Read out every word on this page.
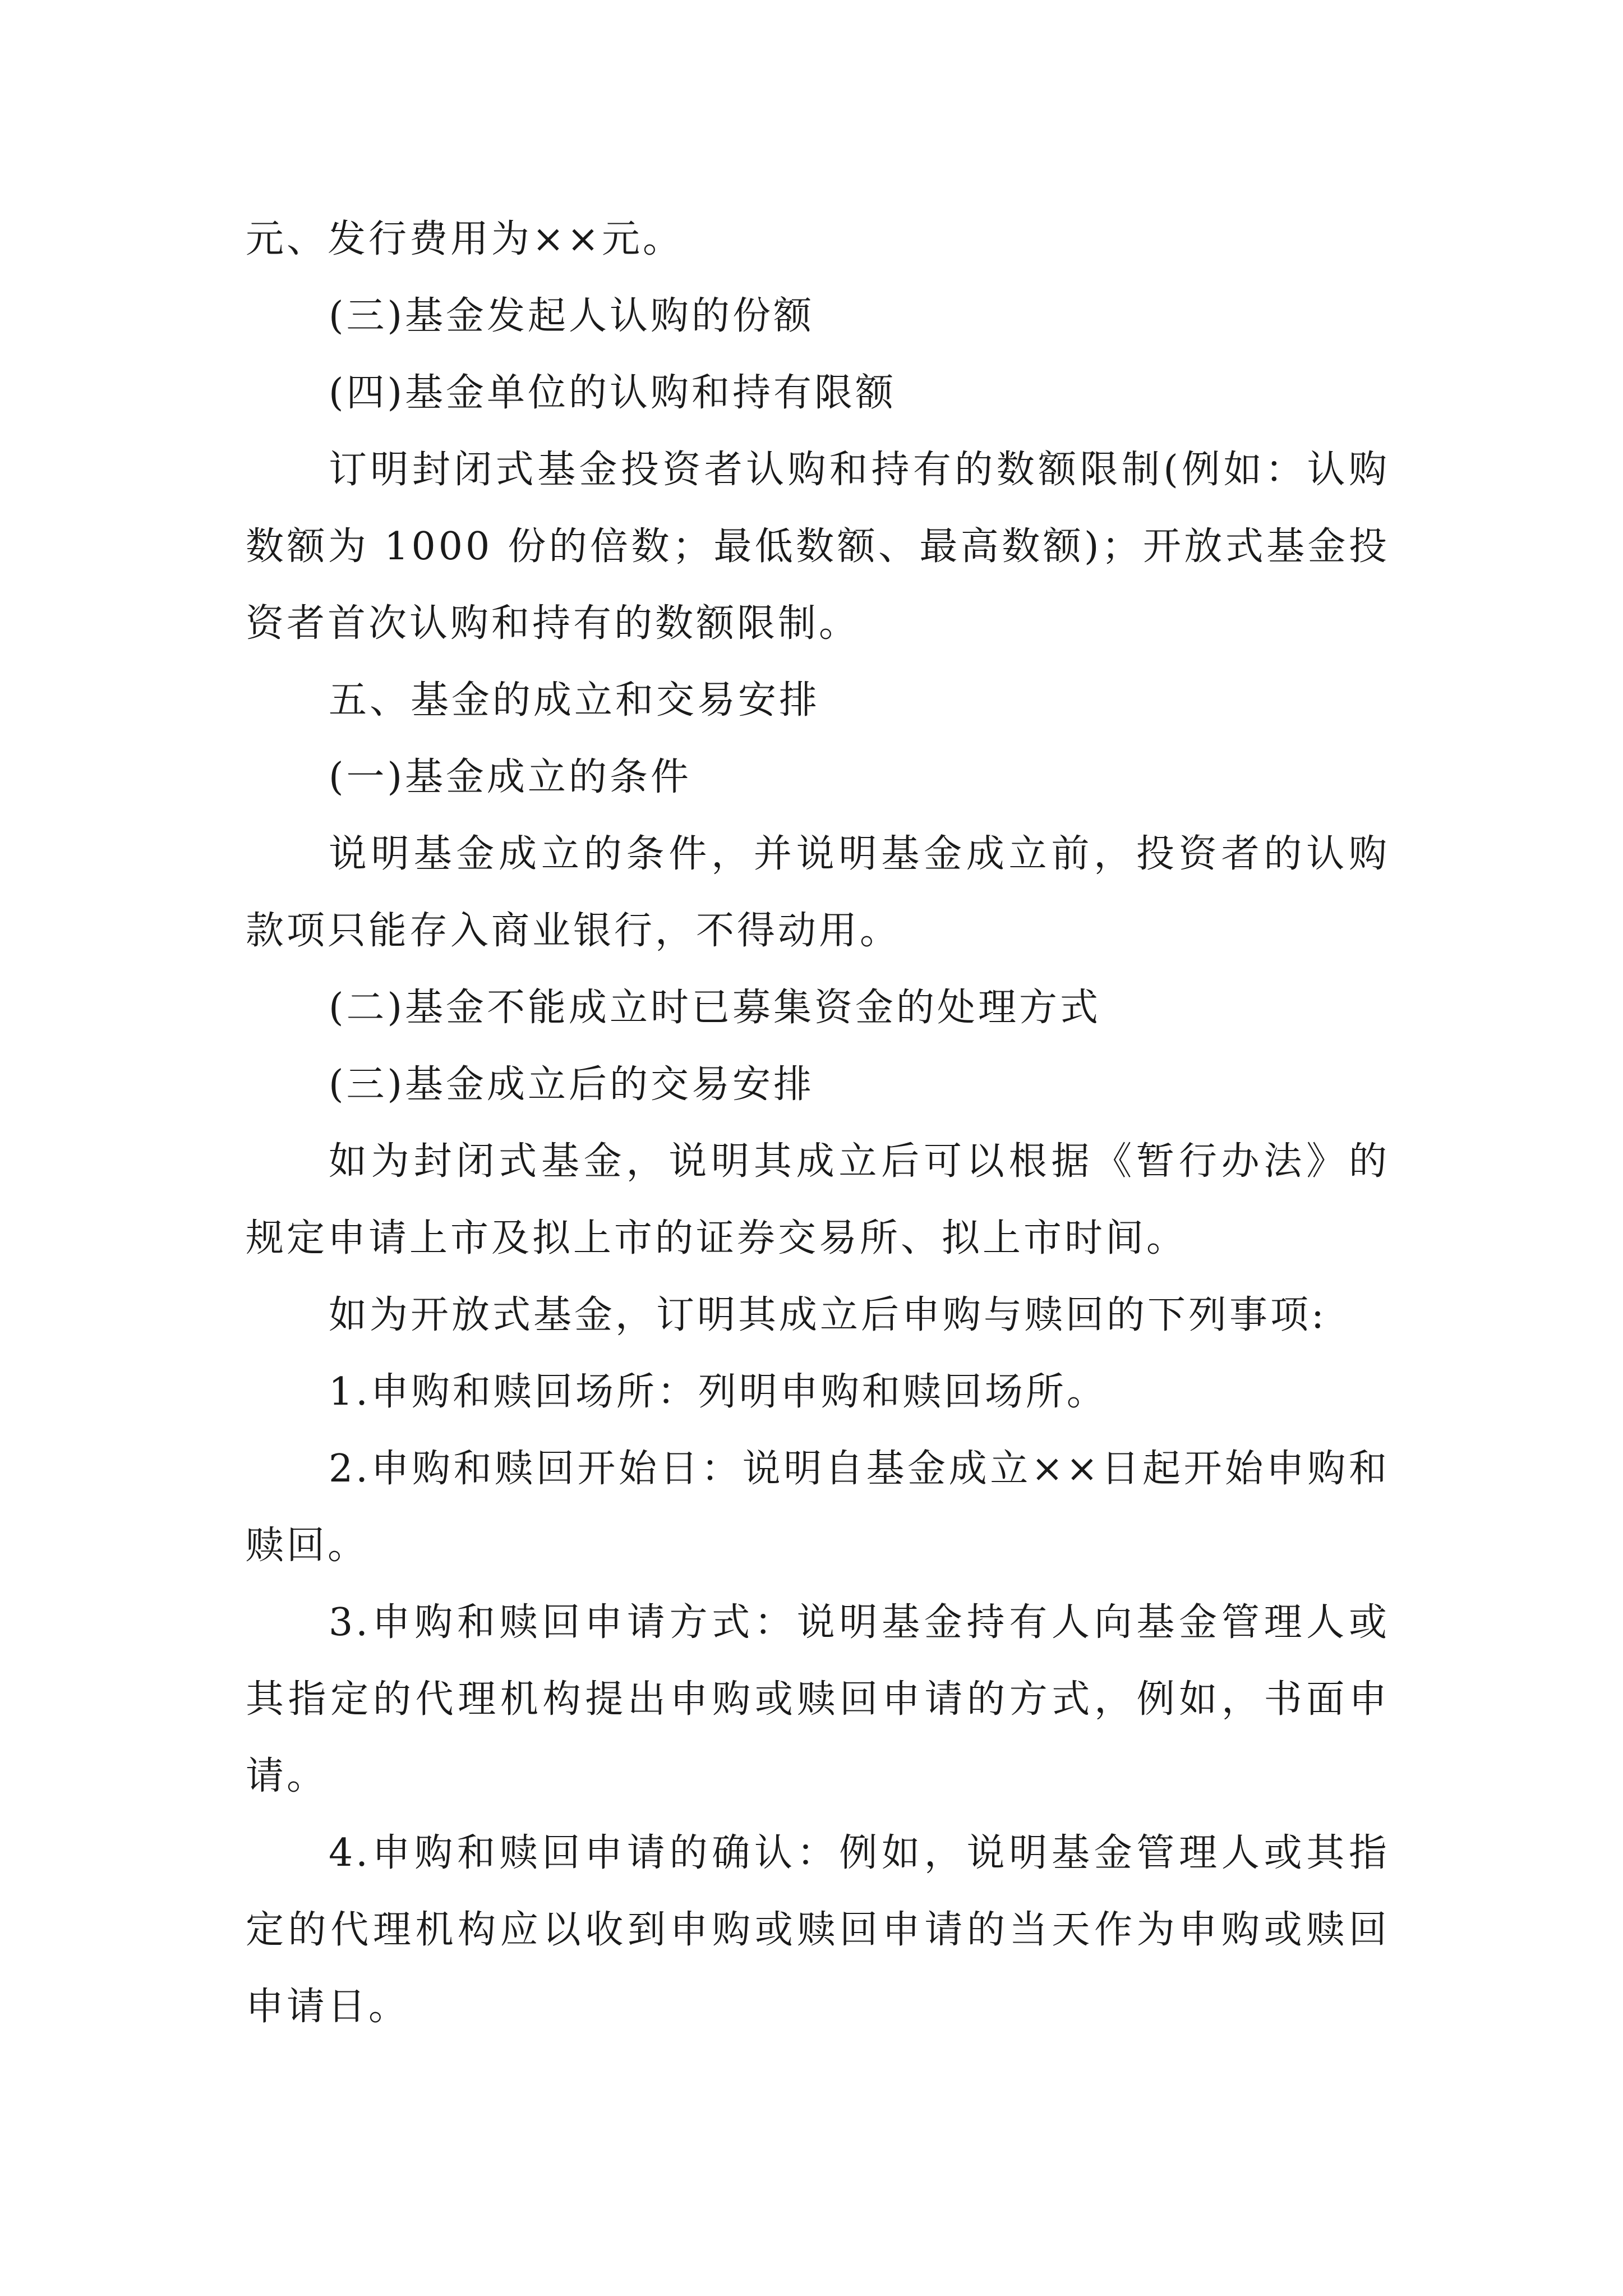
元、发行费用为××元。

(三)基金发起人认购的份额

(四)基金单位的认购和持有限额

订明封闭式基金投资者认购和持有的数额限制(例如：认购数额为 1000 份的倍数；最低数额、最高数额)；开放式基金投资者首次认购和持有的数额限制。

五、基金的成立和交易安排

(一)基金成立的条件

说明基金成立的条件，并说明基金成立前，投资者的认购款项只能存入商业银行，不得动用。

(二)基金不能成立时已募集资金的处理方式

(三)基金成立后的交易安排

如为封闭式基金，说明其成立后可以根据《暂行办法》的规定申请上市及拟上市的证券交易所、拟上市时间。

如为开放式基金，订明其成立后申购与赎回的下列事项:

1.申购和赎回场所：列明申购和赎回场所。

2.申购和赎回开始日：说明自基金成立××日起开始申购和赎回。

3.申购和赎回申请方式：说明基金持有人向基金管理人或其指定的代理机构提出申购或赎回申请的方式，例如，书面申请。

4.申购和赎回申请的确认：例如，说明基金管理人或其指定的代理机构应以收到申购或赎回申请的当天作为申购或赎回申请日。
